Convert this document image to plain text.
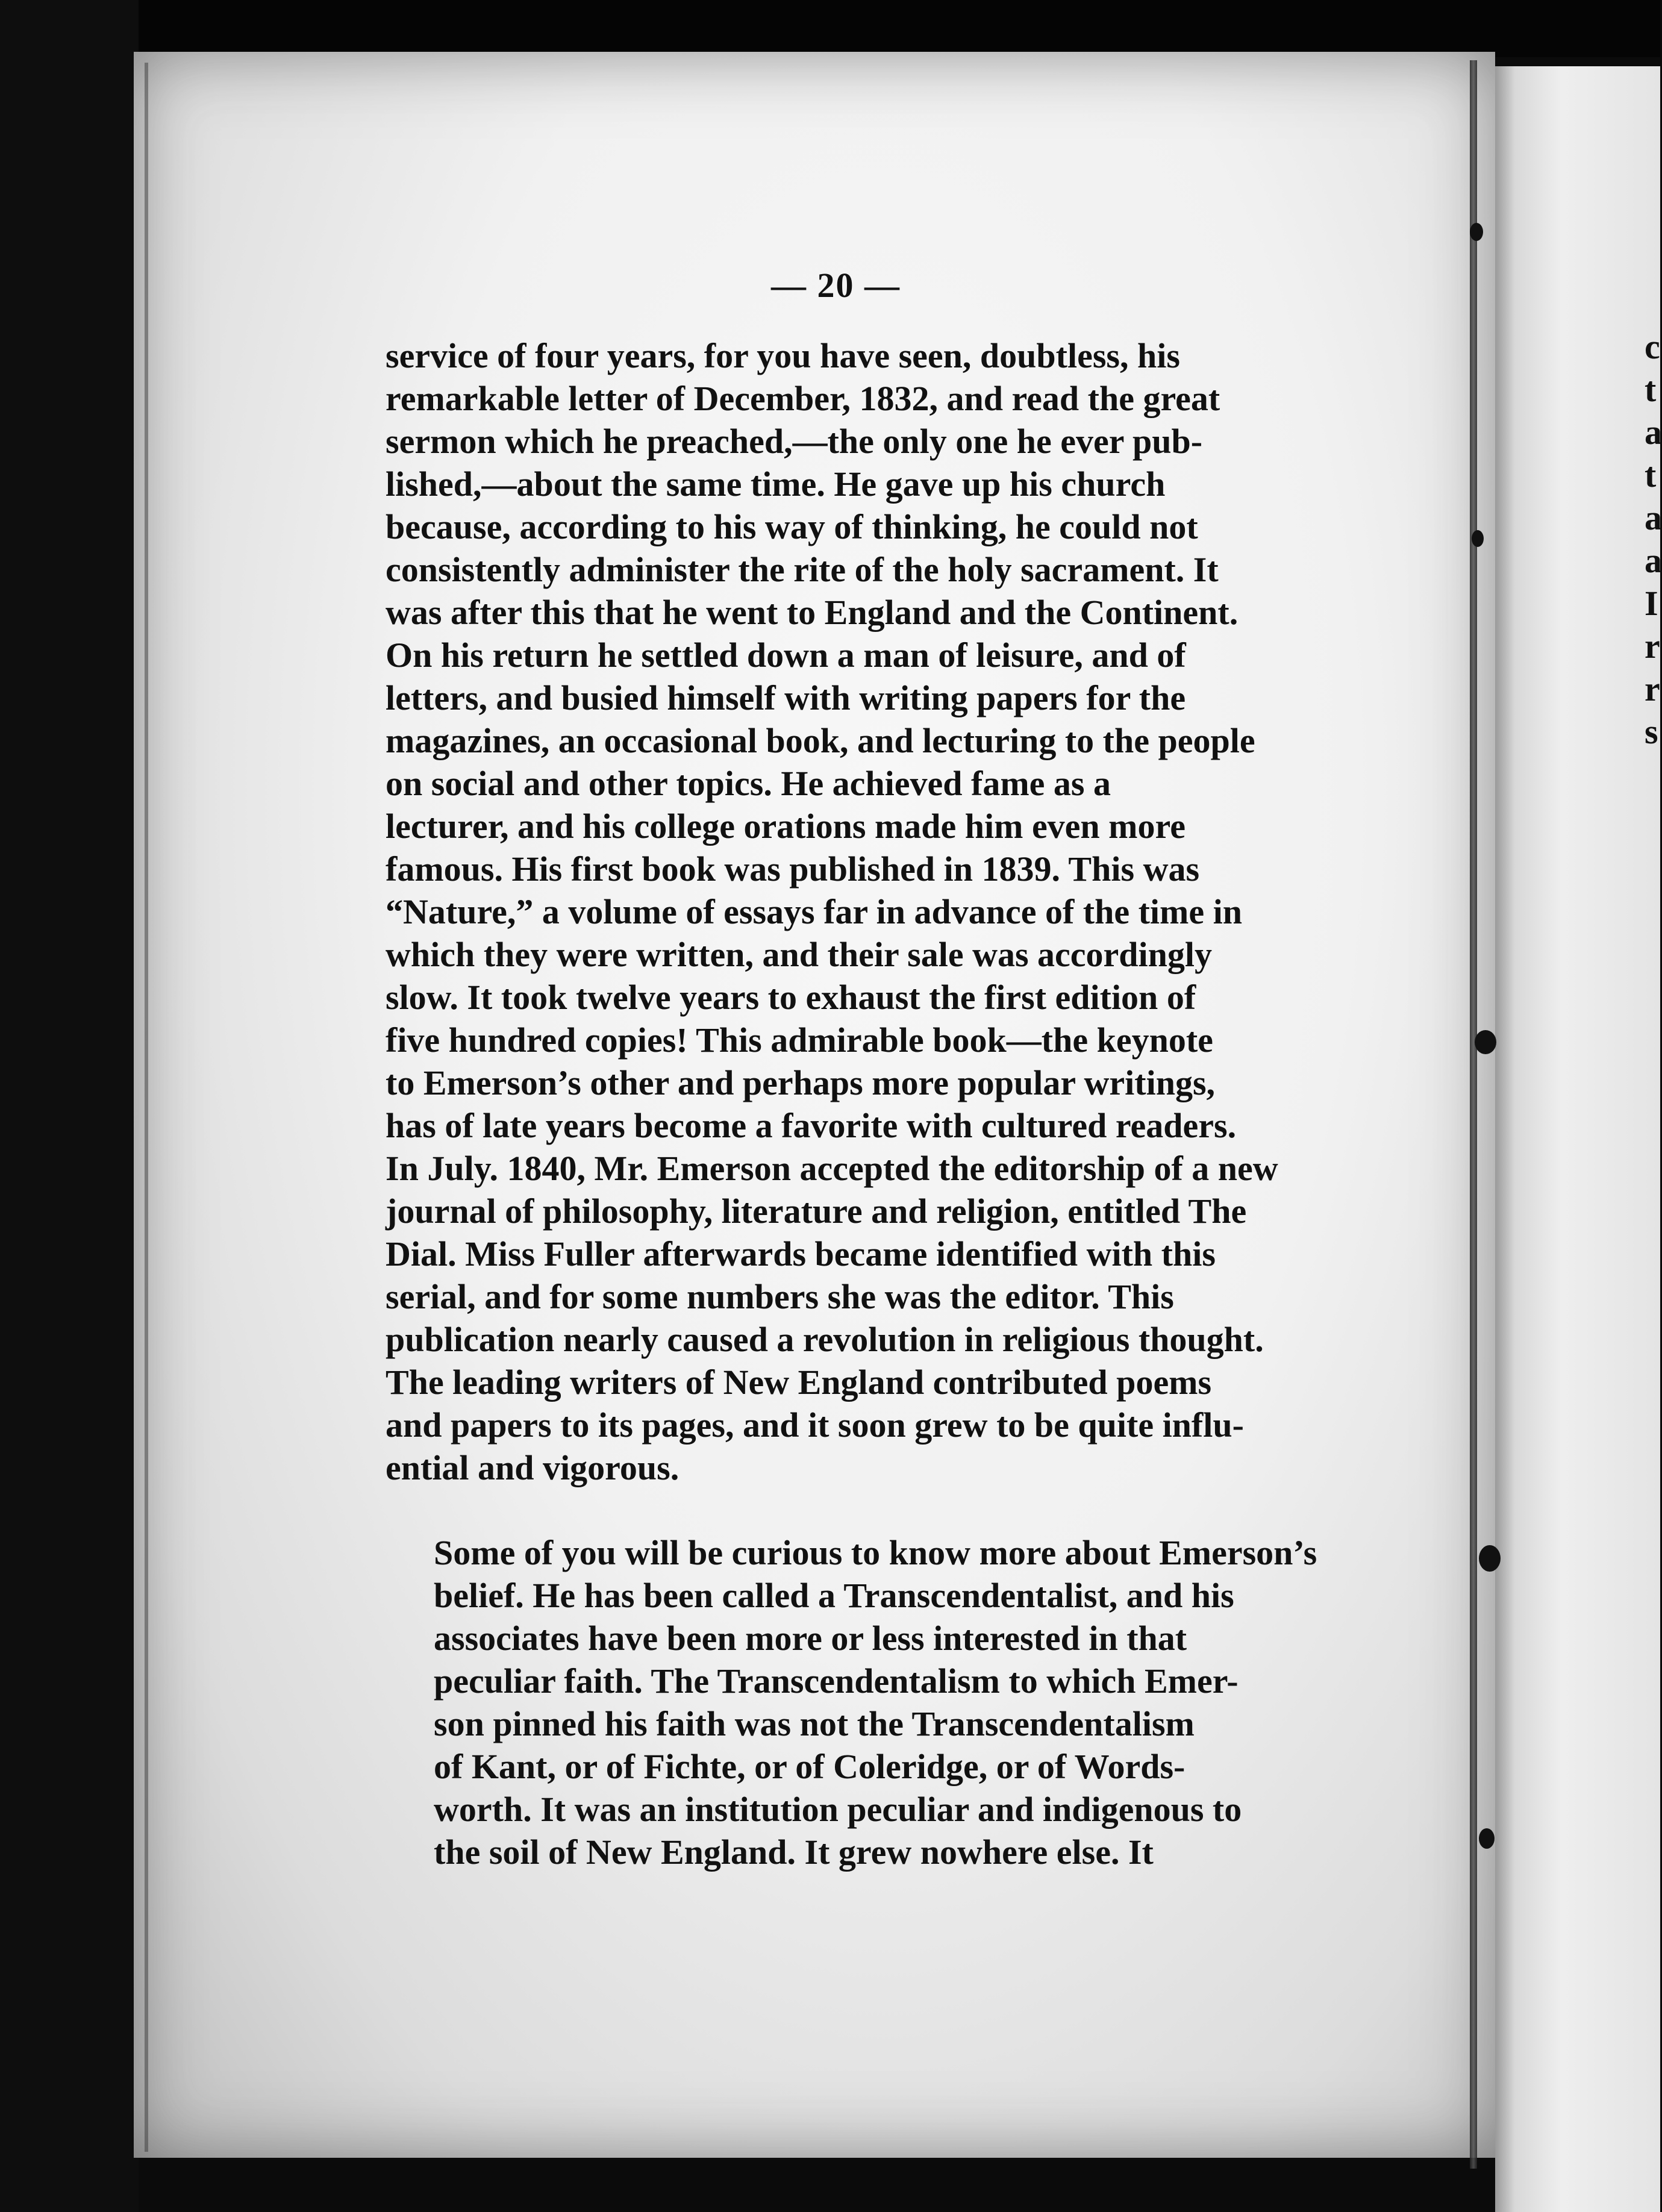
— 20 —

service of four years, for you have seen, doubtless, his
remarkable letter of December, 1832, and read the great
sermon which he preached,—the only one he ever pub-
lished,—about the same time. He gave up his church
because, according to his way of thinking, he could not
consistently administer the rite of the holy sacrament. It
was after this that he went to England and the Continent.
On his return he settled down a man of leisure, and of
letters, and busied himself with writing papers for the
magazines, an occasional book, and lecturing to the people
on social and other topics. He achieved fame as a
lecturer, and his college orations made him even more
famous. His first book was published in 1839. This was
“Nature,” a volume of essays far in advance of the time in
which they were written, and their sale was accordingly
slow. It took twelve years to exhaust the first edition of
five hundred copies! This admirable book—the keynote
to Emerson’s other and perhaps more popular writings,
has of late years become a favorite with cultured readers.
In July. 1840, Mr. Emerson accepted the editorship of a new
journal of philosophy, literature and religion, entitled The
Dial. Miss Fuller afterwards became identified with this
serial, and for some numbers she was the editor. This
publication nearly caused a revolution in religious thought.
The leading writers of New England contributed poems
and papers to its pages, and it soon grew to be quite influ-
ential and vigorous.

Some of you will be curious to know more about Emerson’s
belief. He has been called a Transcendentalist, and his
associates have been more or less interested in that
peculiar faith. The Transcendentalism to which Emer-
son pinned his faith was not the Transcendentalism
of Kant, or of Fichte, or of Coleridge, or of Words-
worth. It was an institution peculiar and indigenous to
the soil of New England. It grew nowhere else. It

c
t
a
t
a
a
I
r
r
s
